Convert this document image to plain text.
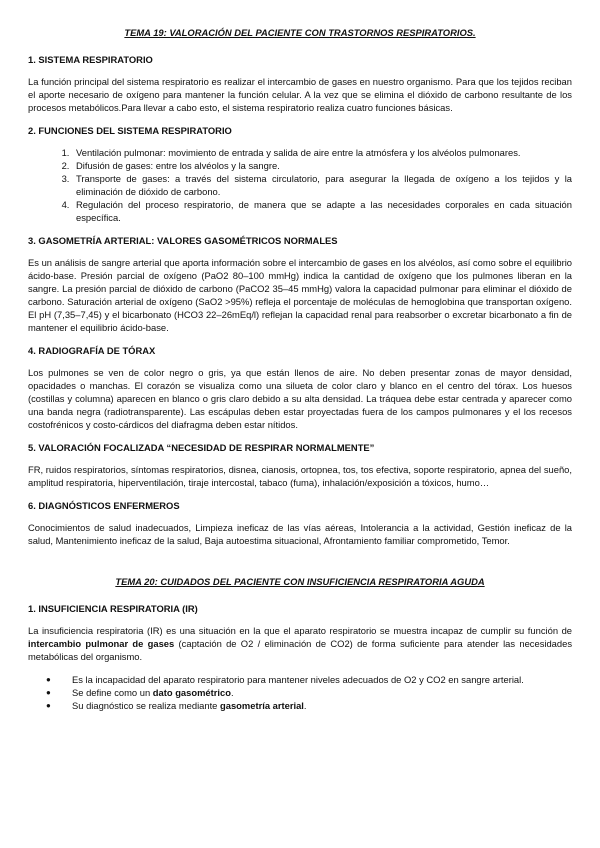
TEMA 19: VALORACIÓN DEL PACIENTE CON TRASTORNOS RESPIRATORIOS.
1. SISTEMA RESPIRATORIO

La función principal del sistema respiratorio es realizar el intercambio de gases en nuestro organismo. Para que los tejidos reciban el aporte necesario de oxígeno para mantener la función celular. A la vez que se elimina el dióxido de carbono resultante de los procesos metabólicos.Para llevar a cabo esto, el sistema respiratorio realiza cuatro funciones básicas.

2. FUNCIONES DEL SISTEMA RESPIRATORIO
1. Ventilación pulmonar: movimiento de entrada y salida de aire entre la atmósfera y los alvéolos pulmonares.
2. Difusión de gases: entre los alvéolos y la sangre.
3. Transporte de gases: a través del sistema circulatorio, para asegurar la llegada de oxígeno a los tejidos y la eliminación de dióxido de carbono.
4. Regulación del proceso respiratorio, de manera que se adapte a las necesidades corporales en cada situación específica.
3. GASOMETRÍA ARTERIAL: VALORES GASOMÉTRICOS NORMALES

Es un análisis de sangre arterial que aporta información sobre el intercambio de gases en los alvéolos, así como sobre el equilibrio ácido-base. Presión parcial de oxígeno (PaO2 80–100 mmHg) indica la cantidad de oxígeno que los pulmones liberan en la sangre. La presión parcial de dióxido de carbono (PaCO2 35–45 mmHg) valora la capacidad pulmonar para eliminar el dióxido de carbono. Saturación arterial de oxígeno (SaO2 >95%) refleja el porcentaje de moléculas de hemoglobina que transportan oxígeno. El pH (7,35–7,45) y el bicarbonato (HCO3 22–26mEq/l) reflejan la capacidad renal para reabsorber o excretar bicarbonato a fin de mantener el equilibrio ácido-base.

4. RADIOGRAFÍA DE TÓRAX

Los pulmones se ven de color negro o gris, ya que están llenos de aire. No deben presentar zonas de mayor densidad, opacidades o manchas. El corazón se visualiza como una silueta de color claro y blanco en el centro del tórax. Los huesos (costillas y columna) aparecen en blanco o gris claro debido a su alta densidad. La tráquea debe estar centrada y aparecer como una banda negra (radiotransparente). Las escápulas deben estar proyectadas fuera de los campos pulmonares y el los recesos costofrénicos y costo-cárdicos del diafragma deben estar nítidos.

5. VALORACIÓN FOCALIZADA “NECESIDAD DE RESPIRAR NORMALMENTE”

FR, ruidos respiratorios, síntomas respiratorios, disnea, cianosis, ortopnea, tos, tos efectiva, soporte respiratorio, apnea del sueño, amplitud respiratoria, hiperventilación, tiraje intercostal, tabaco (fuma), inhalación/exposición a tóxicos, humo…

6. DIAGNÓSTICOS ENFERMEROS

Conocimientos de salud inadecuados, Limpieza ineficaz de las vías aéreas, Intolerancia a la actividad, Gestión ineficaz de la salud, Mantenimiento ineficaz de la salud, Baja autoestima situacional, Afrontamiento familiar comprometido, Temor.

TEMA 20: CUIDADOS DEL PACIENTE CON INSUFICIENCIA RESPIRATORIA AGUDA
1. INSUFICIENCIA RESPIRATORIA (IR)

La insuficiencia respiratoria (IR) es una situación en la que el aparato respiratorio se muestra incapaz de cumplir su función de intercambio pulmonar de gases (captación de O2 / eliminación de CO2) de forma suficiente para atender las necesidades metabólicas del organismo.

● Es la incapacidad del aparato respiratorio para mantener niveles adecuados de O2 y CO2 en sangre arterial.
● Se define como un dato gasométrico.
● Su diagnóstico se realiza mediante gasometría arterial.
